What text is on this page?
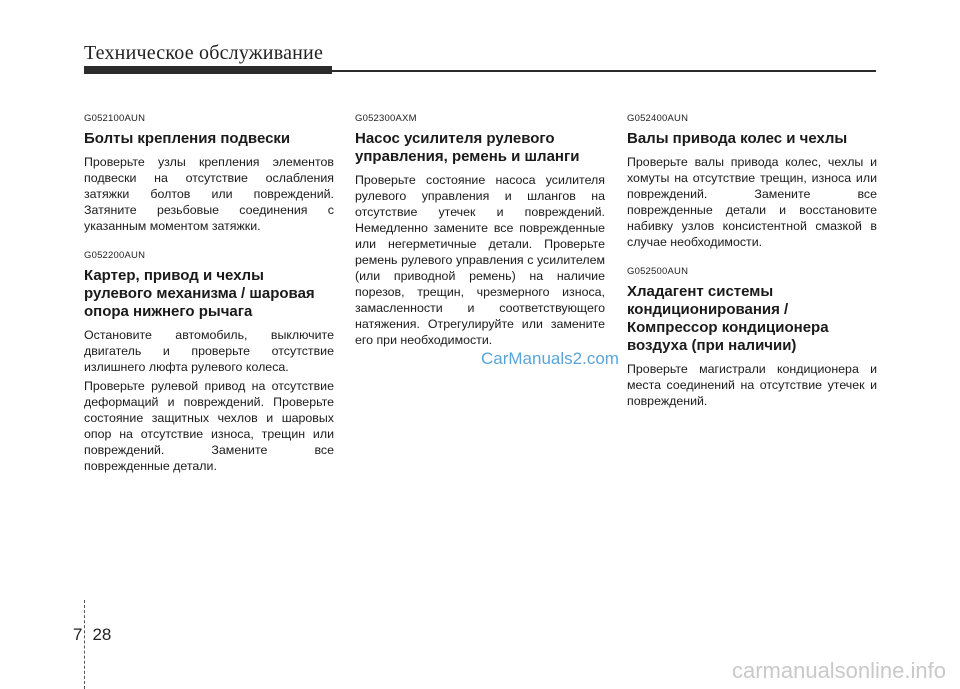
Техническое обслуживание
G052100AUN
Болты крепления подвески

Проверьте узлы крепления элементов подвески на отсутствие ослабления затяжки болтов или повреждений. Затяните резьбовые соединения с указанным моментом затяжки.

G052200AUN
Картер, привод и чехлы рулевого механизма / шаровая опора нижнего рычага

Остановите автомобиль, выключите двигатель и проверьте отсутствие излишнего люфта рулевого колеса.

Проверьте рулевой привод на отсутствие деформаций и повреждений. Проверьте состояние защитных чехлов и шаровых опор на отсутствие износа, трещин или повреждений. Замените все поврежденные детали.

G052300AXM
Насос усилителя рулевого управления, ремень и шланги

Проверьте состояние насоса усилителя рулевого управления и шлангов на отсутствие утечек и повреждений. Немедленно замените все поврежденные или негерметичные детали. Проверьте ремень рулевого управления с усилителем (или приводной ремень) на наличие порезов, трещин, чрезмерного износа, замасленности и соответствующего натяжения. Отрегулируйте или замените его при необходимости.

G052400AUN
Валы привода колес и чехлы

Проверьте валы привода колес, чехлы и хомуты на отсутствие трещин, износа или повреждений. Замените все поврежденные детали и восстановите набивку узлов консистентной смазкой в случае необходимости.

G052500AUN
Хладагент системы кондиционирования / Компрессор кондиционера воздуха (при наличии)

Проверьте магистрали кондиционера и места соединений на отсутствие утечек и повреждений.

CarManuals2.com
7 28
carmanualsonline.info
